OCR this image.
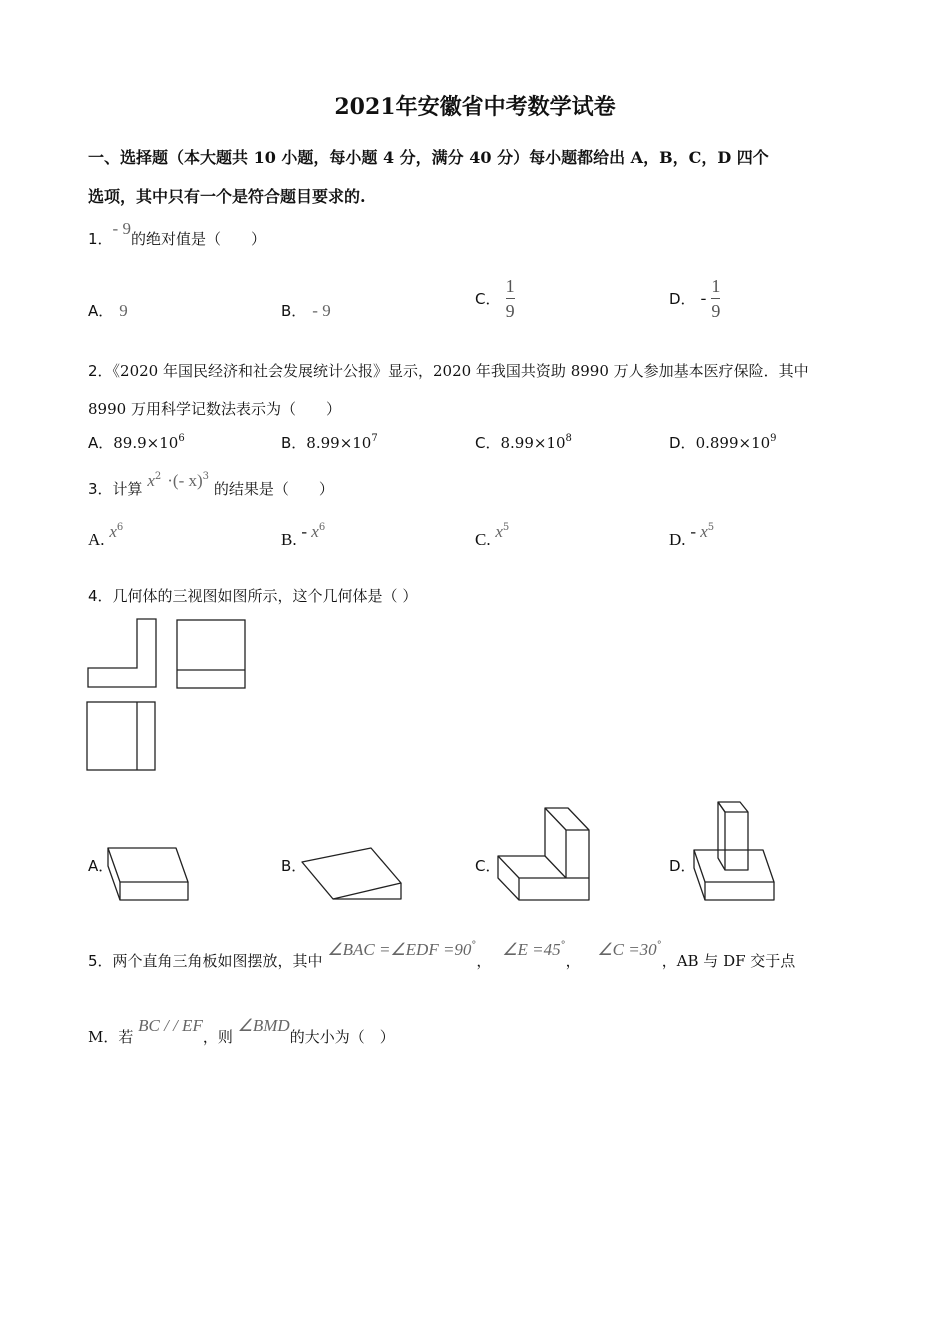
2021年安徽省中考数学试卷
一、选择题（本大题共 10 小题，每小题 4 分，满分 40 分）每小题都给出 A，B，C，D 四个
选项，其中只有一个是符合题目要求的.
1．- 9的绝对值是（　　）
A． 9	B． - 9
C． $\frac{1}{9}$	D． - $\frac{1}{9}$
2．《2020 年国民经济和社会发展统计公报》显示，2020 年我国共资助 8990 万人参加基本医疗保险．其中
8990 万用科学记数法表示为（　　）
A．$89.9\times 10^6$	B．$8.99\times 10^7$	C．$8.99\times 10^8$	D．$0.899\times 10^9$
3．计算 $x^2$ ·(- x)$^3$ 的结果是（　　）
A. $x^6$
B. - $x^6$
C. $x^5$
D. - $x^5$
4．几何体的三视图如图所示，这个几何体是（ ）
A．	B．	C．	D．
5．两个直角三角板如图摆放，其中 ∠BAC =∠EDF =90°， ∠E =45°， ∠C =30°，AB 与 DF 交于点
M．若 BC / / EF，则 ∠BMD的大小为（　）
